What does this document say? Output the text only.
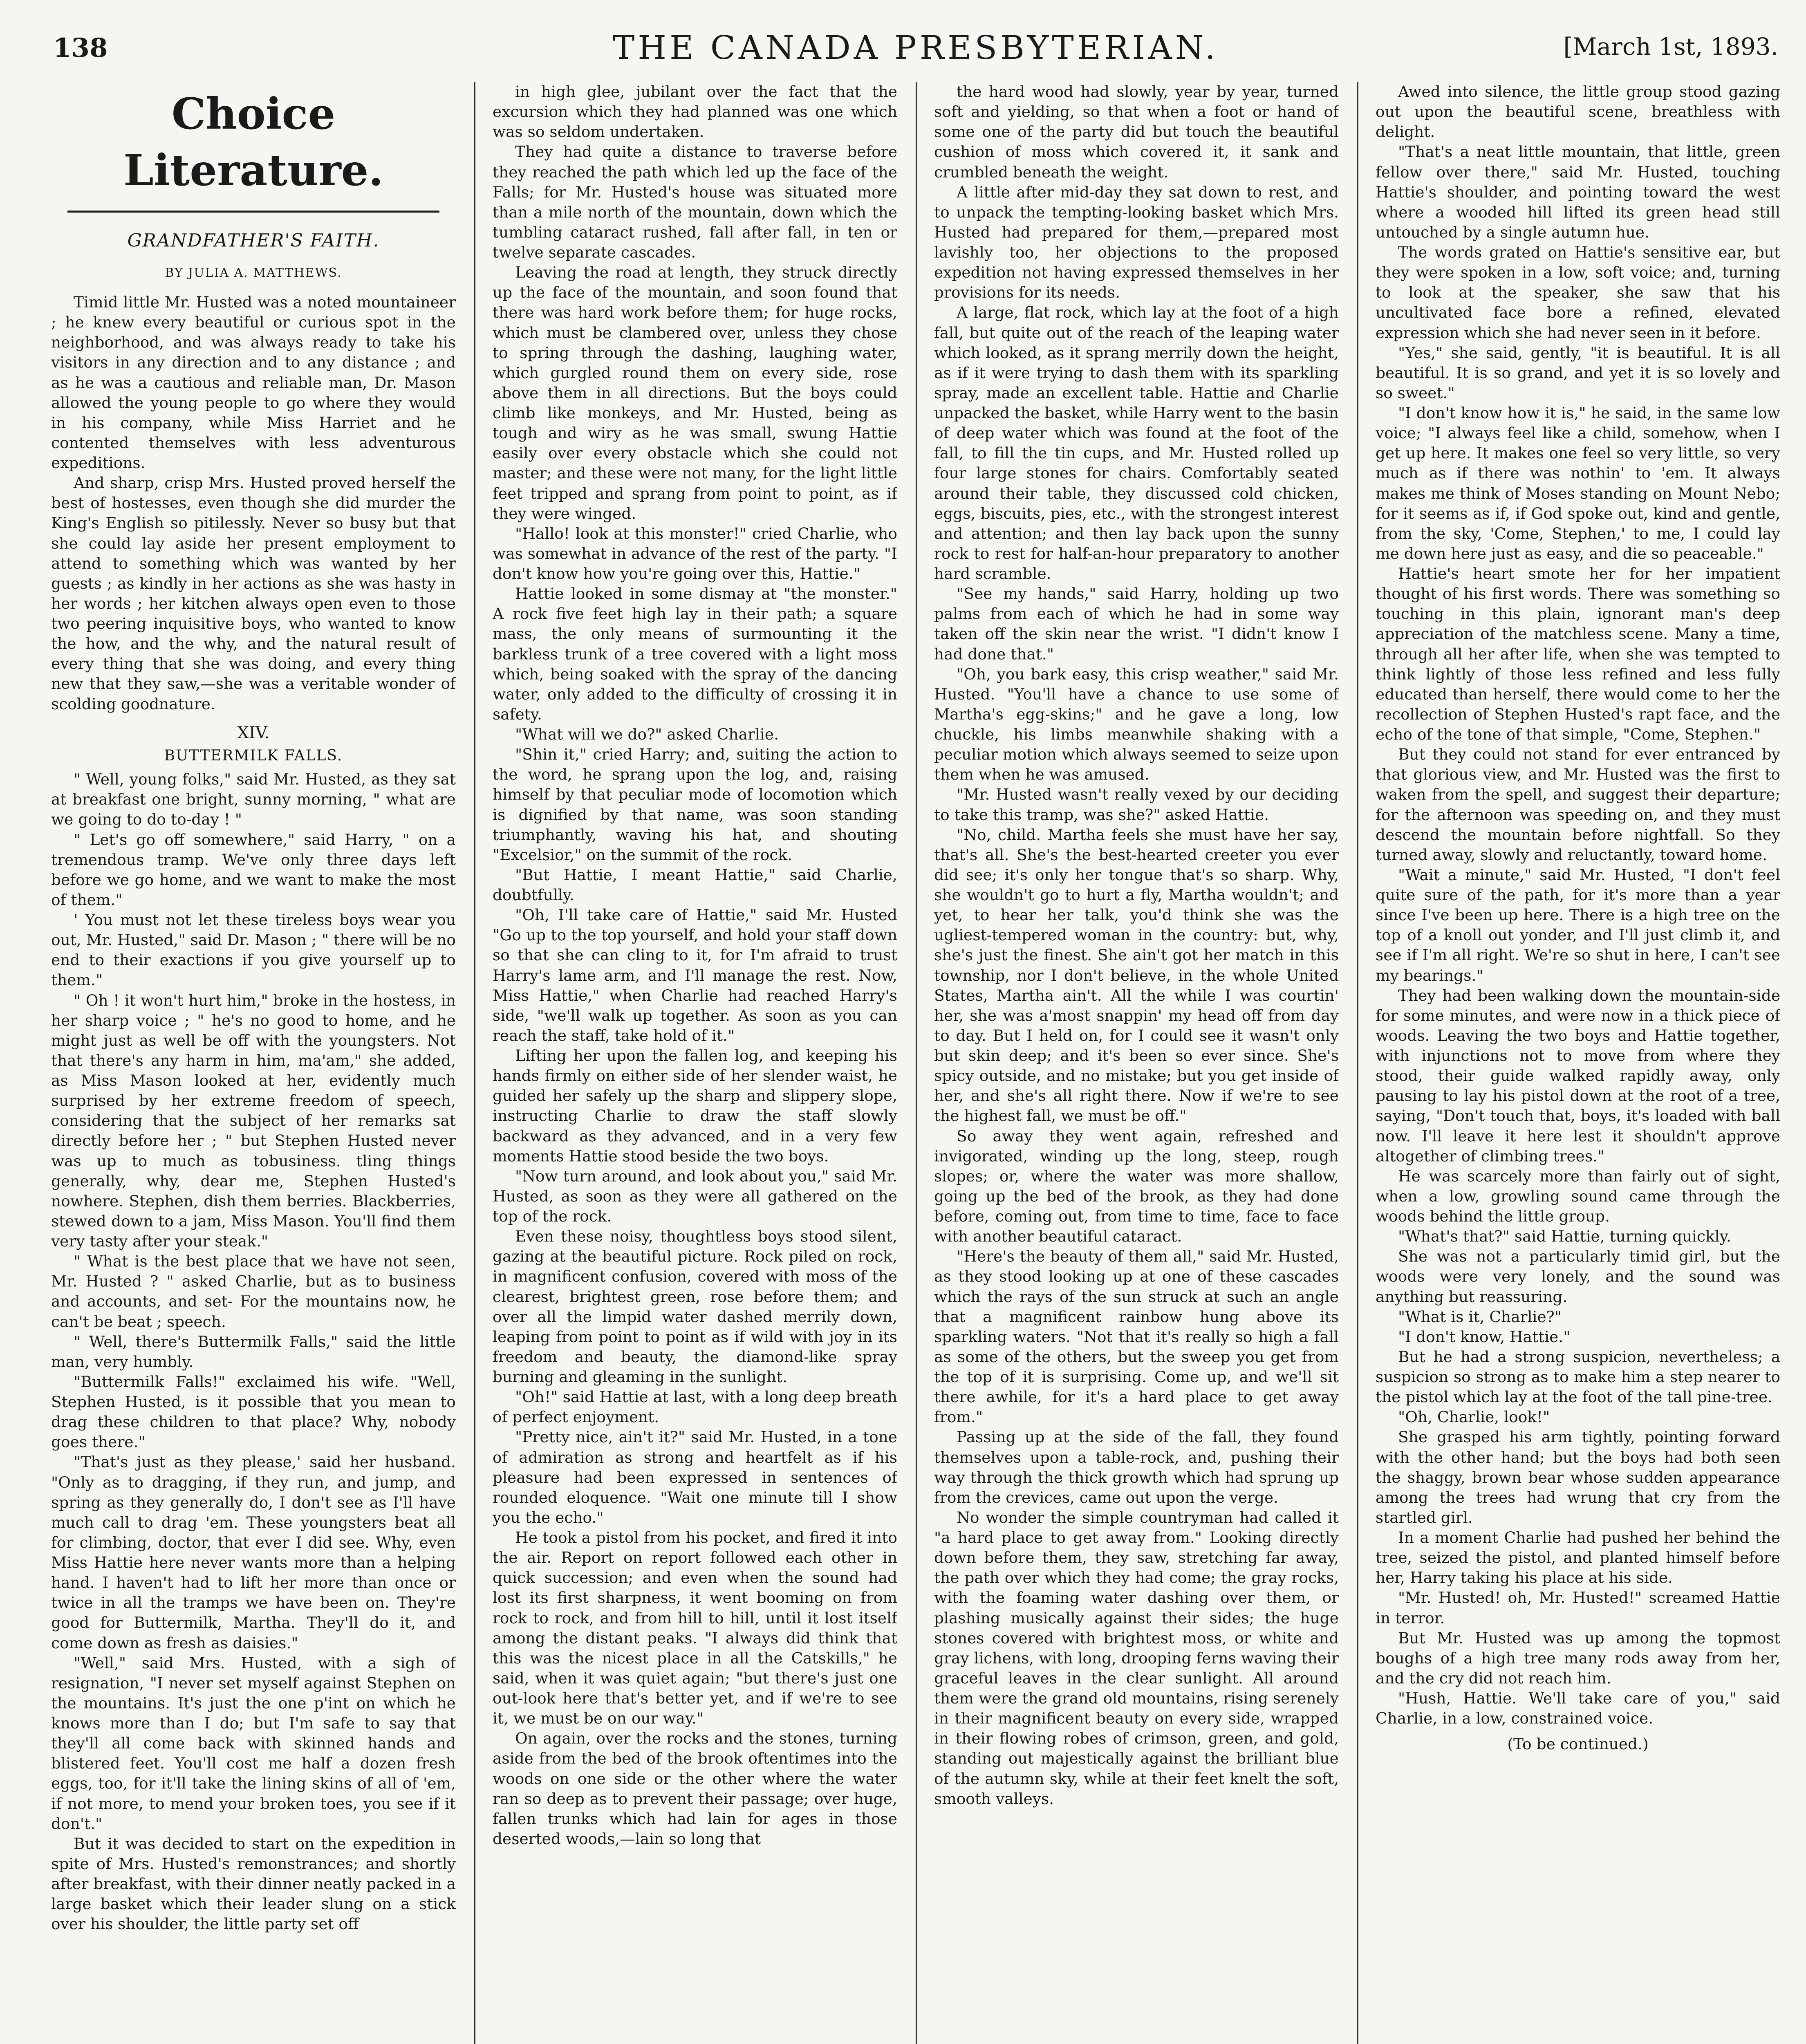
138	THE CANADA PRESBYTERIAN.	[March 1st, 1893.
Choice Literature.
GRANDFATHER'S FAITH.
BY JULIA A. MATTHEWS.

Timid little Mr. Husted was a noted mountaineer ; he knew every beautiful or curious spot in the neighborhood, and was always ready to take his visitors in any direction and to any distance ; and as he was a cautious and reliable man, Dr. Mason allowed the young people to go where they would in his company, while Miss Harriet and he contented themselves with less adventurous expeditions.

And sharp, crisp Mrs. Husted proved herself the best of hostesses, even though she did murder the King's English so pitilessly. Never so busy but that she could lay aside her present employment to attend to something which was wanted by her guests ; as kindly in her actions as she was hasty in her words ; her kitchen always open even to those two peering inquisitive boys, who wanted to know the how, and the why, and the natural result of every thing that she was doing, and every thing new that they saw,—she was a veritable wonder of scolding goodnature.

XIV.
BUTTERMILK FALLS.

" Well, young folks," said Mr. Husted, as they sat at breakfast one bright, sunny morning, " what are we going to do to-day ! "

" Let's go off somewhere," said Harry, " on a tremendous tramp. We've only three days left before we go home, and we want to make the most of them."

' You must not let these tireless boys wear you out, Mr. Husted," said Dr. Mason ; " there will be no end to their exactions if you give yourself up to them."

" Oh ! it won't hurt him," broke in the hostess, in her sharp voice ; " he's no good to home, and he might just as well be off with the youngsters. Not that there's any harm in him, ma'am," she added, as Miss Mason looked at her, evidently much surprised by her extreme freedom of speech, considering that the subject of her remarks sat directly before her ; " but Stephen Husted never was up to much as tobusiness. tling things generally, why, dear me, Stephen Husted's nowhere. Stephen, dish them berries. Blackberries, stewed down to a jam, Miss Mason. You'll find them very tasty after your steak."

" What is the best place that we have not seen, Mr. Husted ? " asked Charlie, but as to business and accounts, and set- For the mountains now, he can't be beat ; speech.

" Well, there's Buttermilk Falls," said the little man, very humbly.

"Buttermilk Falls!" exclaimed his wife. "Well, Stephen Husted, is it possible that you mean to drag these children to that place? Why, nobody goes there."

"That's just as they please,' said her husband. "Only as to dragging, if they run, and jump, and spring as they generally do, I don't see as I'll have much call to drag 'em. These youngsters beat all for climbing, doctor, that ever I did see. Why, even Miss Hattie here never wants more than a helping hand. I haven't had to lift her more than once or twice in all the tramps we have been on. They're good for Buttermilk, Martha. They'll do it, and come down as fresh as daisies."

"Well," said Mrs. Husted, with a sigh of resignation, "I never set myself against Stephen on the mountains. It's just the one p'int on which he knows more than I do; but I'm safe to say that they'll all come back with skinned hands and blistered feet. You'll cost me half a dozen fresh eggs, too, for it'll take the lining skins of all of 'em, if not more, to mend your broken toes, you see if it don't."

But it was decided to start on the expedition in spite of Mrs. Husted's remonstrances; and shortly after breakfast, with their dinner neatly packed in a large basket which their leader slung on a stick over his shoulder, the little party set off

in high glee, jubilant over the fact that the excursion which they had planned was one which was so seldom undertaken.

They had quite a distance to traverse before they reached the path which led up the face of the Falls; for Mr. Husted's house was situated more than a mile north of the mountain, down which the tumbling cataract rushed, fall after fall, in ten or twelve separate cascades.

Leaving the road at length, they struck directly up the face of the mountain, and soon found that there was hard work before them; for huge rocks, which must be clambered over, unless they chose to spring through the dashing, laughing water, which gurgled round them on every side, rose above them in all directions. But the boys could climb like monkeys, and Mr. Husted, being as tough and wiry as he was small, swung Hattie easily over every obstacle which she could not master; and these were not many, for the light little feet tripped and sprang from point to point, as if they were winged.

"Hallo! look at this monster!" cried Charlie, who was somewhat in advance of the rest of the party. "I don't know how you're going over this, Hattie."

Hattie looked in some dismay at "the monster." A rock five feet high lay in their path; a square mass, the only means of surmounting it the barkless trunk of a tree covered with a light moss which, being soaked with the spray of the dancing water, only added to the difficulty of crossing it in safety.

"What will we do?" asked Charlie.

"Shin it," cried Harry; and, suiting the action to the word, he sprang upon the log, and, raising himself by that peculiar mode of locomotion which is dignified by that name, was soon standing triumphantly, waving his hat, and shouting "Excelsior," on the summit of the rock.

"But Hattie, I meant Hattie," said Charlie, doubtfully.

"Oh, I'll take care of Hattie," said Mr. Husted "Go up to the top yourself, and hold your staff down so that she can cling to it, for I'm afraid to trust Harry's lame arm, and I'll manage the rest. Now, Miss Hattie," when Charlie had reached Harry's side, "we'll walk up together. As soon as you can reach the staff, take hold of it."

Lifting her upon the fallen log, and keeping his hands firmly on either side of her slender waist, he guided her safely up the sharp and slippery slope, instructing Charlie to draw the staff slowly backward as they advanced, and in a very few moments Hattie stood beside the two boys.

"Now turn around, and look about you," said Mr. Husted, as soon as they were all gathered on the top of the rock.

Even these noisy, thoughtless boys stood silent, gazing at the beautiful picture. Rock piled on rock, in magnificent confusion, covered with moss of the clearest, brightest green, rose before them; and over all the limpid water dashed merrily down, leaping from point to point as if wild with joy in its freedom and beauty, the diamond-like spray burning and gleaming in the sunlight.

"Oh!" said Hattie at last, with a long deep breath of perfect enjoyment.

"Pretty nice, ain't it?" said Mr. Husted, in a tone of admiration as strong and heartfelt as if his pleasure had been expressed in sentences of rounded eloquence. "Wait one minute till I show you the echo."

He took a pistol from his pocket, and fired it into the air. Report on report followed each other in quick succession; and even when the sound had lost its first sharpness, it went booming on from rock to rock, and from hill to hill, until it lost itself among the distant peaks. "I always did think that this was the nicest place in all the Catskills," he said, when it was quiet again; "but there's just one out-look here that's better yet, and if we're to see it, we must be on our way."

On again, over the rocks and the stones, turning aside from the bed of the brook oftentimes into the woods on one side or the other where the water ran so deep as to prevent their passage; over huge, fallen trunks which had lain for ages in those deserted woods,—lain so long that

the hard wood had slowly, year by year, turned soft and yielding, so that when a foot or hand of some one of the party did but touch the beautiful cushion of moss which covered it, it sank and crumbled beneath the weight.

A little after mid-day they sat down to rest, and to unpack the tempting-looking basket which Mrs. Husted had prepared for them,—prepared most lavishly too, her objections to the proposed expedition not having expressed themselves in her provisions for its needs.

A large, flat rock, which lay at the foot of a high fall, but quite out of the reach of the leaping water which looked, as it sprang merrily down the height, as if it were trying to dash them with its sparkling spray, made an excellent table. Hattie and Charlie unpacked the basket, while Harry went to the basin of deep water which was found at the foot of the fall, to fill the tin cups, and Mr. Husted rolled up four large stones for chairs. Comfortably seated around their table, they discussed cold chicken, eggs, biscuits, pies, etc., with the strongest interest and attention; and then lay back upon the sunny rock to rest for half-an-hour preparatory to another hard scramble.

"See my hands," said Harry, holding up two palms from each of which he had in some way taken off the skin near the wrist. "I didn't know I had done that."

"Oh, you bark easy, this crisp weather," said Mr. Husted. "You'll have a chance to use some of Martha's egg-skins;" and he gave a long, low chuckle, his limbs meanwhile shaking with a peculiar motion which always seemed to seize upon them when he was amused.

"Mr. Husted wasn't really vexed by our deciding to take this tramp, was she?" asked Hattie.

"No, child. Martha feels she must have her say, that's all. She's the best-hearted creeter you ever did see; it's only her tongue that's so sharp. Why, she wouldn't go to hurt a fly, Martha wouldn't; and yet, to hear her talk, you'd think she was the ugliest-tempered woman in the country: but, why, she's just the finest. She ain't got her match in this township, nor I don't believe, in the whole United States, Martha ain't. All the while I was courtin' her, she was a'most snappin' my head off from day to day. But I held on, for I could see it wasn't only but skin deep; and it's been so ever since. She's spicy outside, and no mistake; but you get inside of her, and she's all right there. Now if we're to see the highest fall, we must be off."

So away they went again, refreshed and invigorated, winding up the long, steep, rough slopes; or, where the water was more shallow, going up the bed of the brook, as they had done before, coming out, from time to time, face to face with another beautiful cataract.

"Here's the beauty of them all," said Mr. Husted, as they stood looking up at one of these cascades which the rays of the sun struck at such an angle that a magnificent rainbow hung above its sparkling waters. "Not that it's really so high a fall as some of the others, but the sweep you get from the top of it is surprising. Come up, and we'll sit there awhile, for it's a hard place to get away from."

Passing up at the side of the fall, they found themselves upon a table-rock, and, pushing their way through the thick growth which had sprung up from the crevices, came out upon the verge.

No wonder the simple countryman had called it "a hard place to get away from." Looking directly down before them, they saw, stretching far away, the path over which they had come; the gray rocks, with the foaming water dashing over them, or plashing musically against their sides; the huge stones covered with brightest moss, or white and gray lichens, with long, drooping ferns waving their graceful leaves in the clear sunlight. All around them were the grand old mountains, rising serenely in their magnificent beauty on every side, wrapped in their flowing robes of crimson, green, and gold, standing out majestically against the brilliant blue of the autumn sky, while at their feet knelt the soft, smooth valleys.

Awed into silence, the little group stood gazing out upon the beautiful scene, breathless with delight.

"That's a neat little mountain, that little, green fellow over there," said Mr. Husted, touching Hattie's shoulder, and pointing toward the west where a wooded hill lifted its green head still untouched by a single autumn hue.

The words grated on Hattie's sensitive ear, but they were spoken in a low, soft voice; and, turning to look at the speaker, she saw that his uncultivated face bore a refined, elevated expression which she had never seen in it before.

"Yes," she said, gently, "it is beautiful. It is all beautiful. It is so grand, and yet it is so lovely and so sweet."

"I don't know how it is," he said, in the same low voice; "I always feel like a child, somehow, when I get up here. It makes one feel so very little, so very much as if there was nothin' to 'em. It always makes me think of Moses standing on Mount Nebo; for it seems as if, if God spoke out, kind and gentle, from the sky, 'Come, Stephen,' to me, I could lay me down here just as easy, and die so peaceable."

Hattie's heart smote her for her impatient thought of his first words. There was something so touching in this plain, ignorant man's deep appreciation of the matchless scene. Many a time, through all her after life, when she was tempted to think lightly of those less refined and less fully educated than herself, there would come to her the recollection of Stephen Husted's rapt face, and the echo of the tone of that simple, "Come, Stephen."

But they could not stand for ever entranced by that glorious view, and Mr. Husted was the first to waken from the spell, and suggest their departure; for the afternoon was speeding on, and they must descend the mountain before nightfall. So they turned away, slowly and reluctantly, toward home.

"Wait a minute," said Mr. Husted, "I don't feel quite sure of the path, for it's more than a year since I've been up here. There is a high tree on the top of a knoll out yonder, and I'll just climb it, and see if I'm all right. We're so shut in here, I can't see my bearings."

They had been walking down the mountain-side for some minutes, and were now in a thick piece of woods. Leaving the two boys and Hattie together, with injunctions not to move from where they stood, their guide walked rapidly away, only pausing to lay his pistol down at the root of a tree, saying, "Don't touch that, boys, it's loaded with ball now. I'll leave it here lest it shouldn't approve altogether of climbing trees."

He was scarcely more than fairly out of sight, when a low, growling sound came through the woods behind the little group.

"What's that?" said Hattie, turning quickly.

She was not a particularly timid girl, but the woods were very lonely, and the sound was anything but reassuring.

"What is it, Charlie?"

"I don't know, Hattie."

But he had a strong suspicion, nevertheless; a suspicion so strong as to make him a step nearer to the pistol which lay at the foot of the tall pine-tree.

"Oh, Charlie, look!"

She grasped his arm tightly, pointing forward with the other hand; but the boys had both seen the shaggy, brown bear whose sudden appearance among the trees had wrung that cry from the startled girl.

In a moment Charlie had pushed her behind the tree, seized the pistol, and planted himself before her, Harry taking his place at his side.

"Mr. Husted! oh, Mr. Husted!" screamed Hattie in terror.

But Mr. Husted was up among the topmost boughs of a high tree many rods away from her, and the cry did not reach him.

"Hush, Hattie. We'll take care of you," said Charlie, in a low, constrained voice.

(To be continued.)
